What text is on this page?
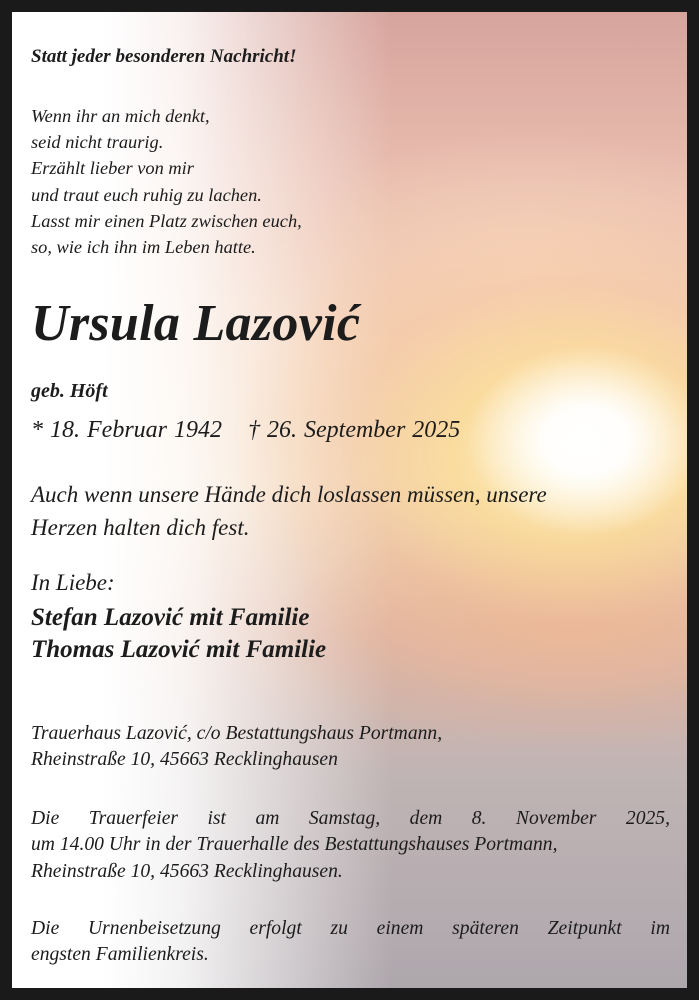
Statt jeder besonderen Nachricht!

Wenn ihr an mich denkt,
seid nicht traurig.
Erzählt lieber von mir
und traut euch ruhig zu lachen.
Lasst mir einen Platz zwischen euch,
so, wie ich ihn im Leben hatte.

Ursula Lazović

geb. Höft

* 18. Februar 1942 † 26. September 2025

Auch wenn unsere Hände dich loslassen müssen, unsere
Herzen halten dich fest.

In Liebe:

Stefan Lazović mit Familie
Thomas Lazović mit Familie
Trauerhaus Lazović, c/o Bestattungshaus Portmann,
Rheinstraße 10, 45663 Recklinghausen
Die Trauerfeier ist am Samstag, dem 8. November 2025,
um 14.00 Uhr in der Trauerhalle des Bestattungshauses Portmann,
Rheinstraße 10, 45663 Recklinghausen.
Die Urnenbeisetzung erfolgt zu einem späteren Zeitpunkt im
engsten Familienkreis.
